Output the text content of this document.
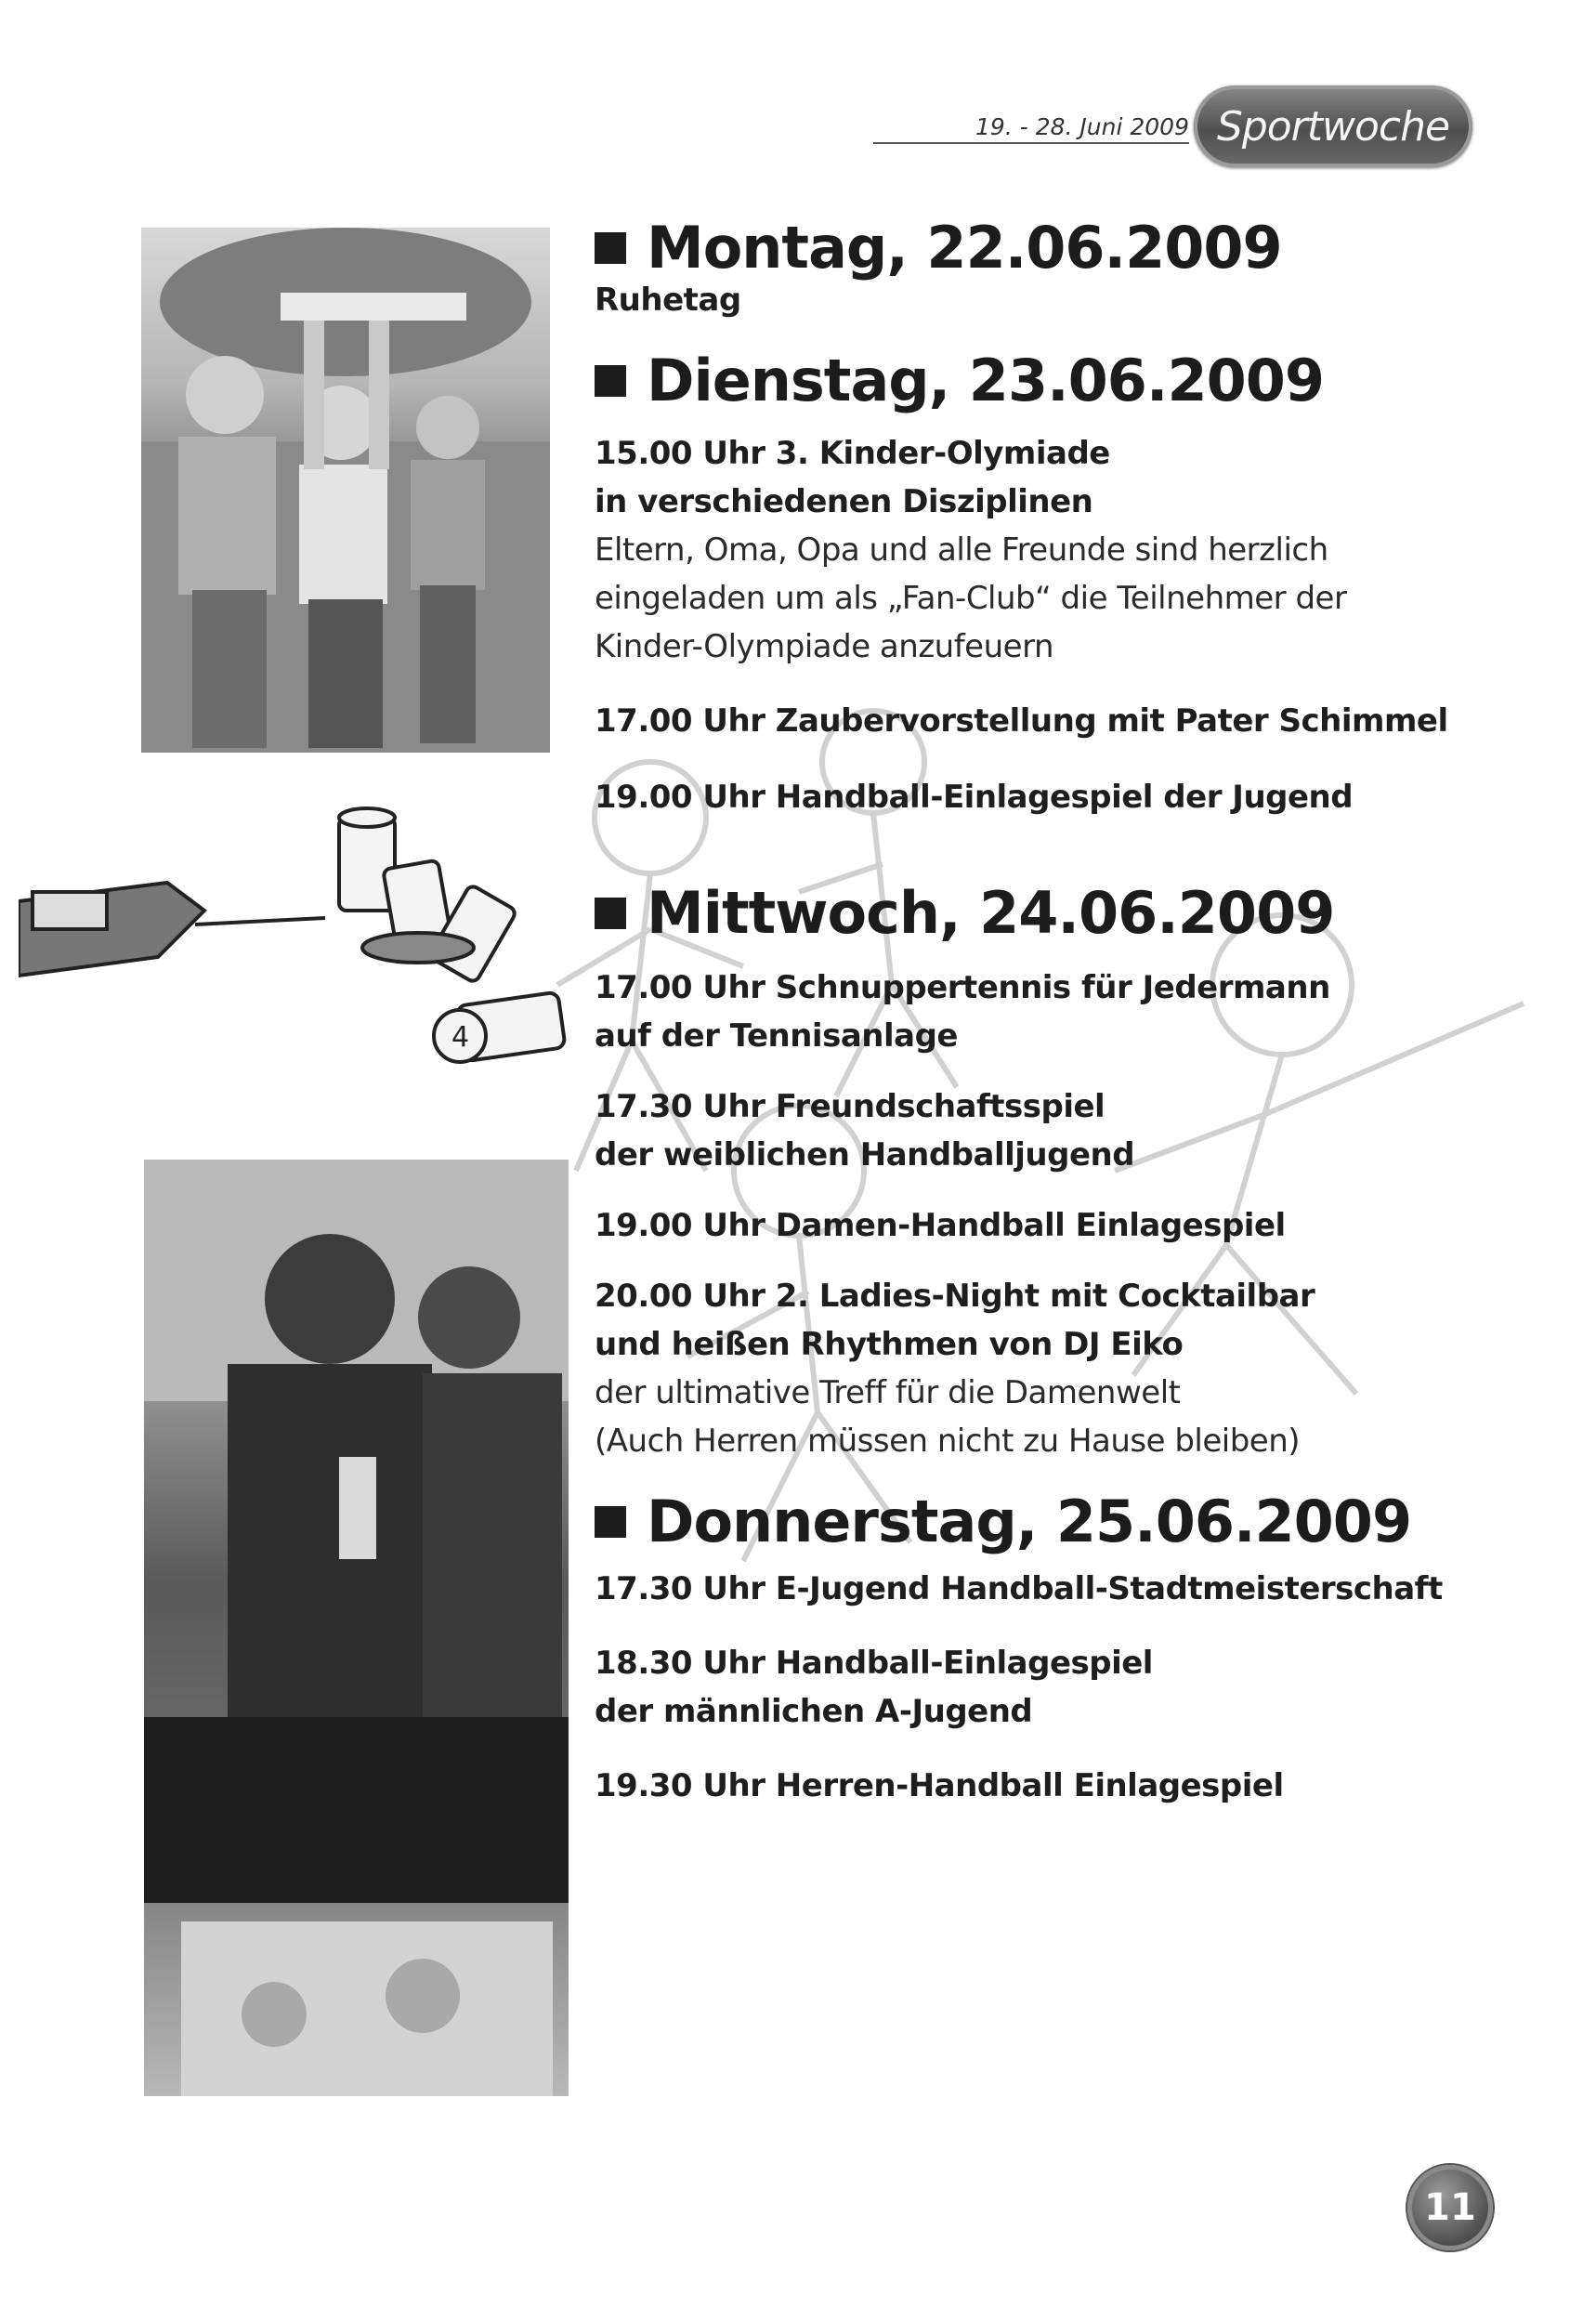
19. - 28. Juni 2009 Sportwoche
4
Montag, 22.06.2009
Ruhetag
Dienstag, 23.06.2009
15.00 Uhr 3. Kinder-Olymiade
in verschiedenen Disziplinen
Eltern, Oma, Opa und alle Freunde sind herzlich
eingeladen um als „Fan-Club“ die Teilnehmer der
Kinder-Olympiade anzufeuern
17.00 Uhr Zaubervorstellung mit Pater Schimmel
19.00 Uhr Handball-Einlagespiel der Jugend
Mittwoch, 24.06.2009
17.00 Uhr Schnuppertennis für Jedermann
auf der Tennisanlage
17.30 Uhr Freundschaftsspiel
der weiblichen Handballjugend
19.00 Uhr Damen-Handball Einlagespiel
20.00 Uhr 2. Ladies-Night mit Cocktailbar
und heißen Rhythmen von DJ Eiko
der ultimative Treff für die Damenwelt
(Auch Herren müssen nicht zu Hause bleiben)
Donnerstag, 25.06.2009
17.30 Uhr E-Jugend Handball-Stadtmeisterschaft
18.30 Uhr Handball-Einlagespiel
der männlichen A-Jugend
19.30 Uhr Herren-Handball Einlagespiel
11
